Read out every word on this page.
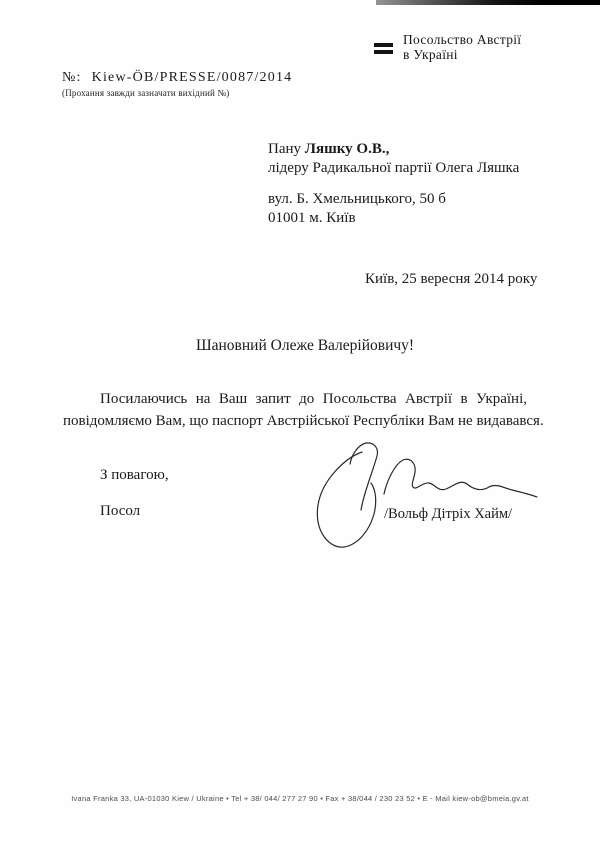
Посольство Австрії
в Україні
№: Kiew-ÖB/PRESSE/0087/2014
(Прохання завжди зазначати вихідний №)
Пану Ляшку О.В.,
лідеру Радикальної партії Олега Ляшка
вул. Б. Хмельницького, 50 б
01001 м. Київ
Київ, 25 вересня 2014 року
Шановний Олеже Валерійовичу!
Посилаючись на Ваш запит до Посольства Австрії в Україні,
повідомляємо Вам, що паспорт Австрійської Республіки Вам не видавався.
З повагою,
Посол	/Вольф Дітріх Хайм/
Ivana Franka 33, UA-01030 Kiew / Ukraine • Tel + 38/ 044/ 277 27 90 • Fax + 38/044 / 230 23 52 • E - Mail kiew-ob@bmeia.gv.at
